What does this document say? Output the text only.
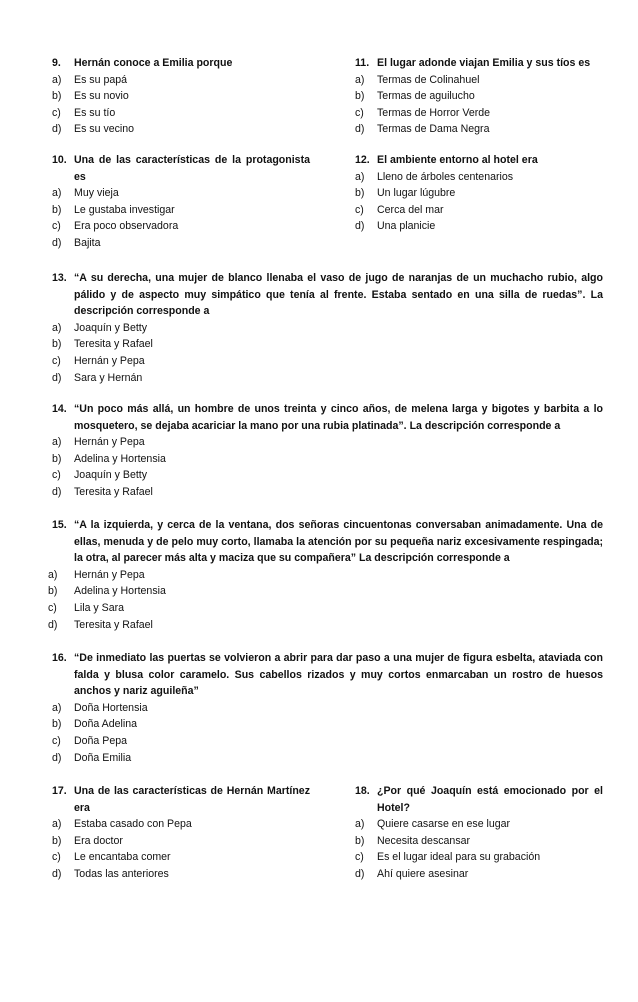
9.	Hernán conoce a Emilia porque
a)	Es su papá
b)	Es su novio
c)	Es su tío
d)	Es su vecino
11. El lugar adonde viajan Emilia y sus tíos es
a)	Termas de Colinahuel
b)	Termas de aguilucho
c)	Termas de Horror Verde
d)	Termas de Dama Negra
10. Una de las características de la protagonista es
a)	Muy vieja
b)	Le gustaba investigar
c)	Era poco observadora
d)	Bajita
12. El ambiente entorno al hotel era
a)	Lleno de árboles centenarios
b)	Un lugar lúgubre
c)	Cerca del mar
d)	Una planicie
13. “A su derecha, una mujer de blanco llenaba el vaso de jugo de naranjas de un muchacho rubio, algo pálido y de aspecto muy simpático que tenía al frente. Estaba sentado en una silla de ruedas”. La descripción corresponde a
a)	Joaquín y Betty
b)	Teresita y Rafael
c)	Hernán y Pepa
d)	Sara y Hernán
14. “Un poco más allá, un hombre de unos treinta y cinco años, de melena larga y bigotes y barbita a lo mosquetero, se dejaba acariciar la mano por una rubia platinada”. La descripción corresponde a
a)	Hernán y Pepa
b)	Adelina y Hortensia
c)	Joaquín y Betty
d)	Teresita y Rafael
15. “A la izquierda, y cerca de la ventana, dos señoras cincuentonas conversaban animadamente. Una de ellas, menuda y de pelo muy corto, llamaba la atención por su pequeña nariz excesivamente respingada; la otra, al parecer más alta y maciza que su compañera” La descripción corresponde a
a)	Hernán y Pepa
b)	Adelina y Hortensia
c)	Lila y Sara
d)	Teresita y Rafael
16. “De inmediato las puertas se volvieron a abrir para dar paso a una mujer de figura esbelta, ataviada con falda y blusa color caramelo. Sus cabellos rizados y muy cortos enmarcaban un rostro de huesos anchos y nariz aguileña”
a)	Doña Hortensia
b)	Doña Adelina
c)	Doña Pepa
d)	Doña Emilia
17. Una de las características de Hernán Martínez era
a)	Estaba casado con Pepa
b)	Era doctor
c)	Le encantaba comer
d)	Todas las anteriores
18. ¿Por qué Joaquín está emocionado por el Hotel?
a)	Quiere casarse en ese lugar
b)	Necesita descansar
c)	Es el lugar ideal para su grabación
d)	Ahí quiere asesinar
